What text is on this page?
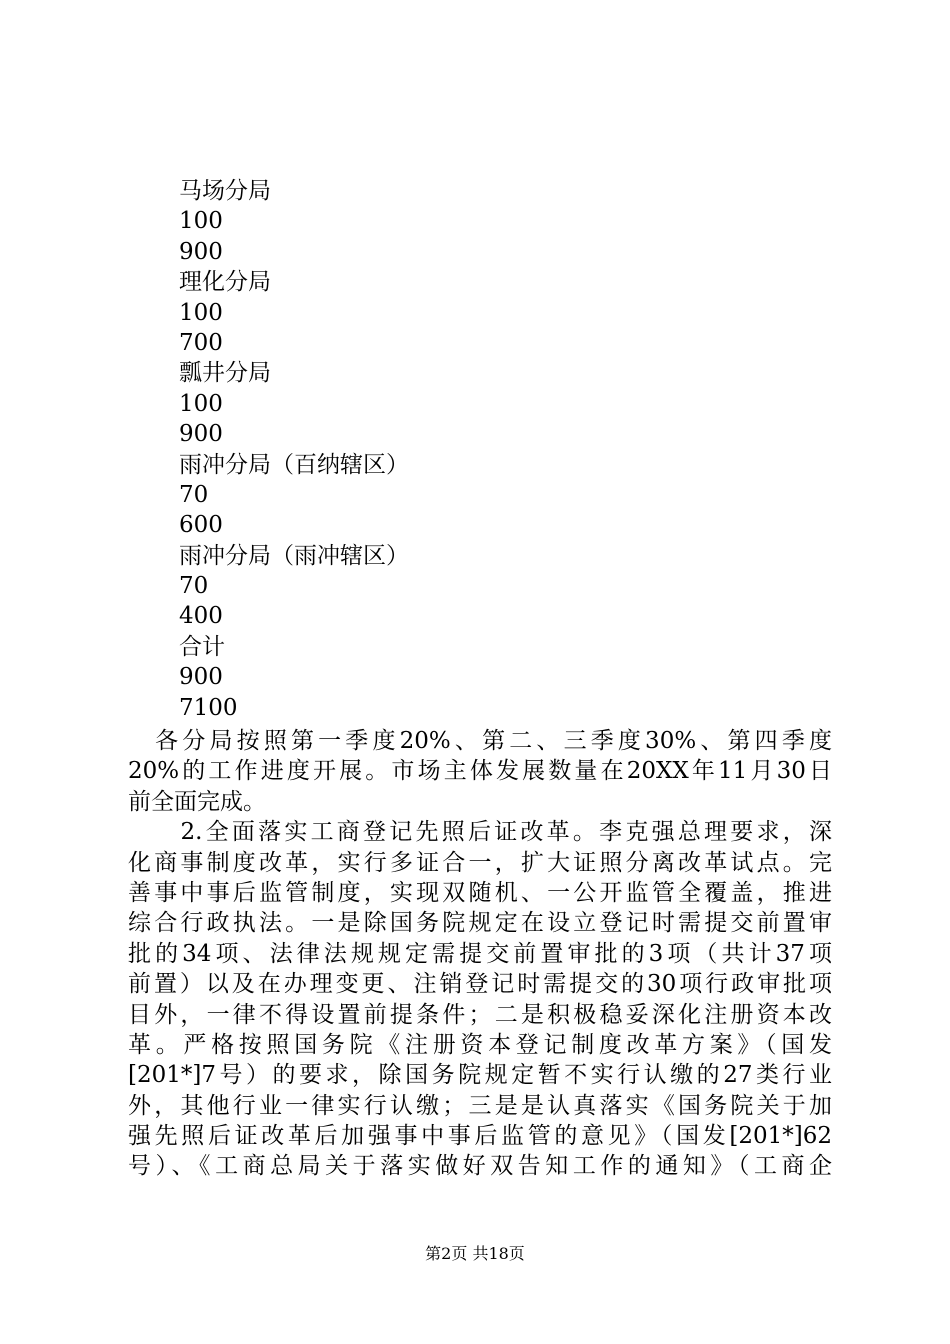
马场分局
100
900
理化分局
100
700
瓢井分局
100
900
雨冲分局（百纳辖区）
70
600
雨冲分局（雨冲辖区）
70
400
合计
900
7100
　各分局按照第一季度20%、第二、三季度30%、第四季度
20%的工作进度开展。市场主体发展数量在20XX年11月30日
前全面完成。
　　2.全面落实工商登记先照后证改革。李克强总理要求，深
化商事制度改革，实行多证合一，扩大证照分离改革试点。完
善事中事后监管制度，实现双随机、一公开监管全覆盖，推进
综合行政执法。一是除国务院规定在设立登记时需提交前置审
批的34项、法律法规规定需提交前置审批的3项（共计37项
前置）以及在办理变更、注销登记时需提交的30项行政审批项
目外，一律不得设置前提条件；二是积极稳妥深化注册资本改
革。严格按照国务院《注册资本登记制度改革方案》（国发
[201*]7号）的要求，除国务院规定暂不实行认缴的27类行业
外，其他行业一律实行认缴；三是是认真落实《国务院关于加
强先照后证改革后加强事中事后监管的意见》（国发[201*]62
号）、《工商总局关于落实做好双告知工作的通知》（工商企
第2页 共18页
